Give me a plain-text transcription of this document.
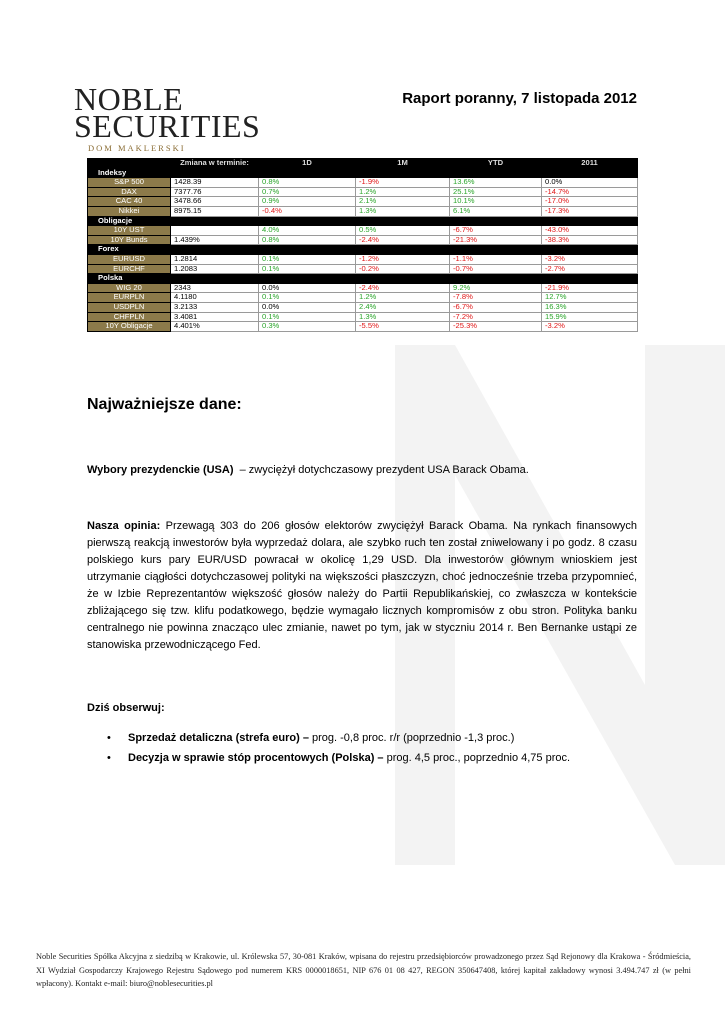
NOBLE
SECURITIES
DOM MAKLERSKI
Raport poranny, 7 listopada 2012
	Zmiana w terminie:	1D	1M	YTD	2011
Indeksy					
S&P 500	1428.39	0.8%	-1.9%	13.6%	0.0%
DAX	7377.76	0.7%	1.2%	25.1%	-14.7%
CAC 40	3478.66	0.9%	2.1%	10.1%	-17.0%
Nikkei	8975.15	-0.4%	1.3%	6.1%	-17.3%
Obligacje					
10Y UST		4.0%	0.5%	-6.7%	-43.0%
10Y Bunds	1.439%	0.8%	-2.4%	-21.3%	-38.3%
Forex					
EURUSD	1.2814	0.1%	-1.2%	-1.1%	-3.2%
EURCHF	1.2083	0.1%	-0.2%	-0.7%	-2.7%
Polska					
WIG 20	2343	0.0%	-2.4%	9.2%	-21.9%
EURPLN	4.1180	0.1%	1.2%	-7.8%	12.7%
USDPLN	3.2133	0.0%	2.4%	-6.7%	16.3%
CHFPLN	3.4081	0.1%	1.3%	-7.2%	15.9%
10Y Obligacje	4.401%	0.3%	-5.5%	-25.3%	-3.2%
Najważniejsze dane:
Wybory prezydenckie (USA)  – zwyciężył dotychczasowy prezydent USA Barack Obama.
Nasza opinia: Przewagą 303 do 206 głosów elektorów zwyciężył Barack Obama. Na rynkach finansowych pierwszą reakcją inwestorów była wyprzedaż dolara, ale szybko ruch ten został zniwelowany i po godz. 8 czasu polskiego kurs pary EUR/USD powracał w okolicę 1,29 USD. Dla inwestorów głównym wnioskiem jest utrzymanie ciągłości dotychczasowej polityki na większości płaszczyzn, choć jednocześnie trzeba przypomnieć, że w Izbie Reprezentantów większość głosów należy do Partii Republikańskiej, co zwłaszcza w kontekście zbliżającego się tzw. klifu podatkowego, będzie wymagało licznych kompromisów z obu stron. Polityka banku centralnego nie powinna znacząco ulec zmianie, nawet po tym, jak w styczniu 2014 r. Ben Bernanke ustąpi ze stanowiska przewodniczącego Fed.
Dziś obserwuj:
• Sprzedaż detaliczna (strefa euro) – prog. -0,8 proc. r/r (poprzednio -1,3 proc.)
• Decyzja w sprawie stóp procentowych (Polska) – prog. 4,5 proc., poprzednio 4,75 proc.
Noble Securities Spółka Akcyjna z siedzibą w Krakowie, ul. Królewska 57, 30-081 Kraków, wpisana do rejestru przedsiębiorców prowadzonego przez Sąd Rejonowy dla Krakowa - Śródmieścia, XI Wydział Gospodarczy Krajowego Rejestru Sądowego pod numerem KRS 0000018651, NIP 676 01 08 427, REGON 350647408, której kapitał zakładowy wynosi 3.494.747 zł (w pełni wpłacony). Kontakt e-mail: biuro@noblesecurities.pl
